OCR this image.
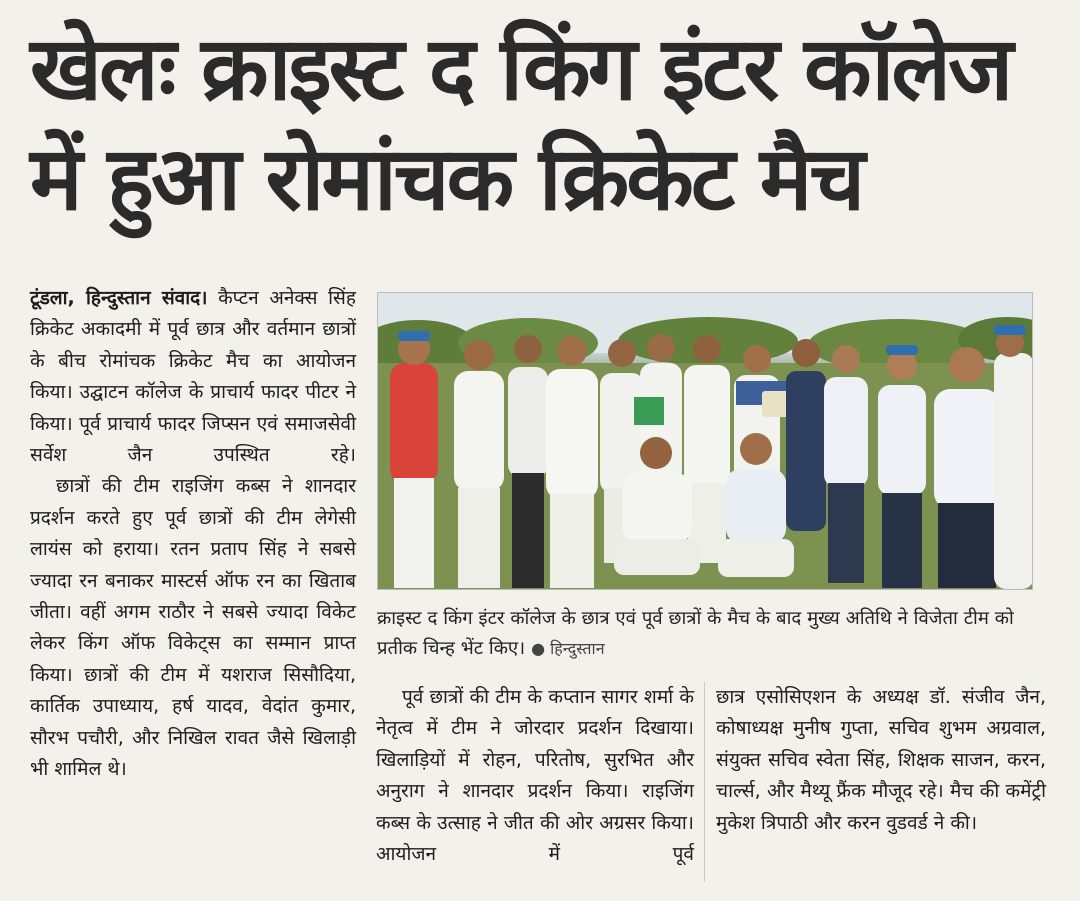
खेलः क्राइस्ट द किंग इंटर कॉलेज
में हुआ रोमांचक क्रिकेट मैच

टूंडला, हिन्दुस्तान संवाद। कैप्टन अनेक्स सिंह क्रिकेट अकादमी में पूर्व छात्र और वर्तमान छात्रों के बीच रोमांचक क्रिकेट मैच का आयोजन किया। उद्घाटन कॉलेज के प्राचार्य फादर पीटर ने किया। पूर्व प्राचार्य फादर जिप्सन एवं समाजसेवी सर्वेश जैन उपस्थित रहे।

छात्रों की टीम राइजिंग कब्स ने शानदार प्रदर्शन करते हुए पूर्व छात्रों की टीम लेगेसी लायंस को हराया। रतन प्रताप सिंह ने सबसे ज्यादा रन बनाकर मास्टर्स ऑफ रन का खिताब जीता। वहीं अगम राठौर ने सबसे ज्यादा विकेट लेकर किंग ऑफ विकेट्स का सम्मान प्राप्त किया। छात्रों की टीम में यशराज सिसौदिया, कार्तिक उपाध्याय, हर्ष यादव, वेदांत कुमार, सौरभ पचौरी, और निखिल रावत जैसे खिलाड़ी भी शामिल थे।

क्राइस्ट द किंग इंटर कॉलेज के छात्र एवं पूर्व छात्रों के मैच के बाद मुख्य अतिथि ने विजेता टीम को प्रतीक चिन्ह भेंट किए। ● हिन्दुस्तान

पूर्व छात्रों की टीम के कप्तान सागर शर्मा के नेतृत्व में टीम ने जोरदार प्रदर्शन दिखाया। खिलाड़ियों में रोहन, परितोष, सुरभित और अनुराग ने शानदार प्रदर्शन किया। राइजिंग कब्स के उत्साह ने जीत की ओर अग्रसर किया। आयोजन में पूर्व

छात्र एसोसिएशन के अध्यक्ष डॉ. संजीव जैन, कोषाध्यक्ष मुनीष गुप्ता, सचिव शुभम अग्रवाल, संयुक्त सचिव स्वेता सिंह, शिक्षक साजन, करन, चार्ल्स, और मैथ्यू फ्रैंक मौजूद रहे। मैच की कमेंट्री मुकेश त्रिपाठी और करन वुडवर्ड ने की।
